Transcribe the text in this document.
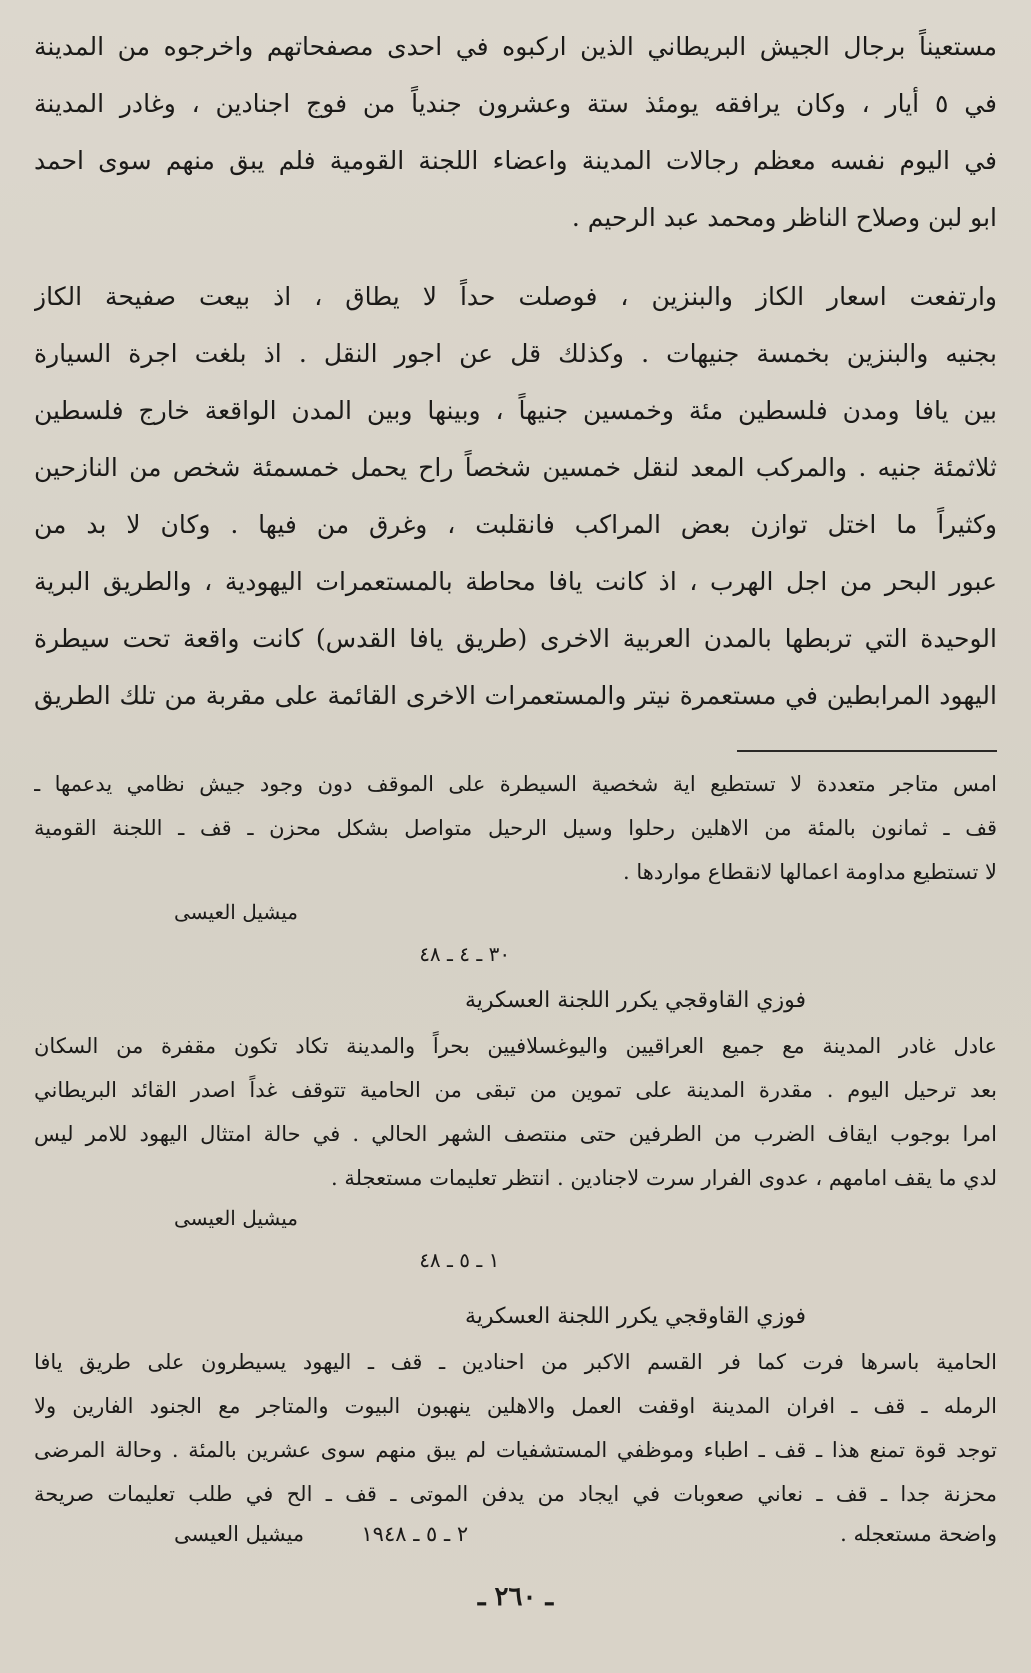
مستعيناً برجال الجيش البريطاني الذين اركبوه في احدى مصفحاتهم واخرجوه من المدينة
في ٥ أيار ، وكان يرافقه يومئذ ستة وعشرون جندياً من فوج اجنادين ، وغادر المدينة
في اليوم نفسه معظم رجالات المدينة واعضاء اللجنة القومية فلم يبق منهم سوى احمد
ابو لبن وصلاح الناظر ومحمد عبد الرحيم .
وارتفعت اسعار الكاز والبنزين ، فوصلت حداً لا يطاق ، اذ بيعت صفيحة الكاز
بجنيه والبنزين بخمسة جنيهات . وكذلك قل عن اجور النقل . اذ بلغت اجرة السيارة
بين يافا ومدن فلسطين مئة وخمسين جنيهاً ، وبينها وبين المدن الواقعة خارج فلسطين
ثلاثمئة جنيه . والمركب المعد لنقل خمسين شخصاً راح يحمل خمسمئة شخص من النازحين
وكثيراً ما اختل توازن بعض المراكب فانقلبت ، وغرق من فيها . وكان لا بد من
عبور البحر من اجل الهرب ، اذ كانت يافا محاطة بالمستعمرات اليهودية ، والطريق البرية
الوحيدة التي تربطها بالمدن العربية الاخرى (طريق يافا القدس) كانت واقعة تحت سيطرة
اليهود المرابطين في مستعمرة نيتر والمستعمرات الاخرى القائمة على مقربة من تلك الطريق
امس متاجر متعددة لا تستطيع اية شخصية السيطرة على الموقف دون وجود جيش نظامي يدعمها ـ
قف ـ ثمانون بالمئة من الاهلين رحلوا وسيل الرحيل متواصل بشكل محزن ـ قف ـ اللجنة القومية
لا تستطيع مداومة اعمالها لانقطاع مواردها .
ميشيل العيسى
٣٠ ـ ٤ ـ ٤٨
فوزي القاوقجي يكرر اللجنة العسكرية
عادل غادر المدينة مع جميع العراقيين واليوغسلافيين بحراً والمدينة تكاد تكون مقفرة من السكان
بعد ترحيل اليوم . مقدرة المدينة على تموين من تبقى من الحامية تتوقف غداً اصدر القائد البريطاني
امرا بوجوب ايقاف الضرب من الطرفين حتى منتصف الشهر الحالي . في حالة امتثال اليهود للامر ليس
لدي ما يقف امامهم ، عدوى الفرار سرت لاجنادين . انتظر تعليمات مستعجلة .
ميشيل العيسى
١ ـ ٥ ـ ٤٨
فوزي القاوقجي يكرر اللجنة العسكرية
الحامية باسرها فرت كما فر القسم الاكبر من احنادين ـ قف ـ اليهود يسيطرون على طريق يافا
الرمله ـ قف ـ افران المدينة اوقفت العمل والاهلين ينهبون البيوت والمتاجر مع الجنود الفارين ولا
توجد قوة تمنع هذا ـ قف ـ اطباء وموظفي المستشفيات لم يبق منهم سوى عشرين بالمئة . وحالة المرضى
محزنة جدا ـ قف ـ نعاني صعوبات في ايجاد من يدفن الموتى ـ قف ـ الح في طلب تعليمات صريحة
واضحة مستعجله .
٢ ـ ٥ ـ ١٩٤٨
ميشيل العيسى
ـ ٢٦٠ ـ
